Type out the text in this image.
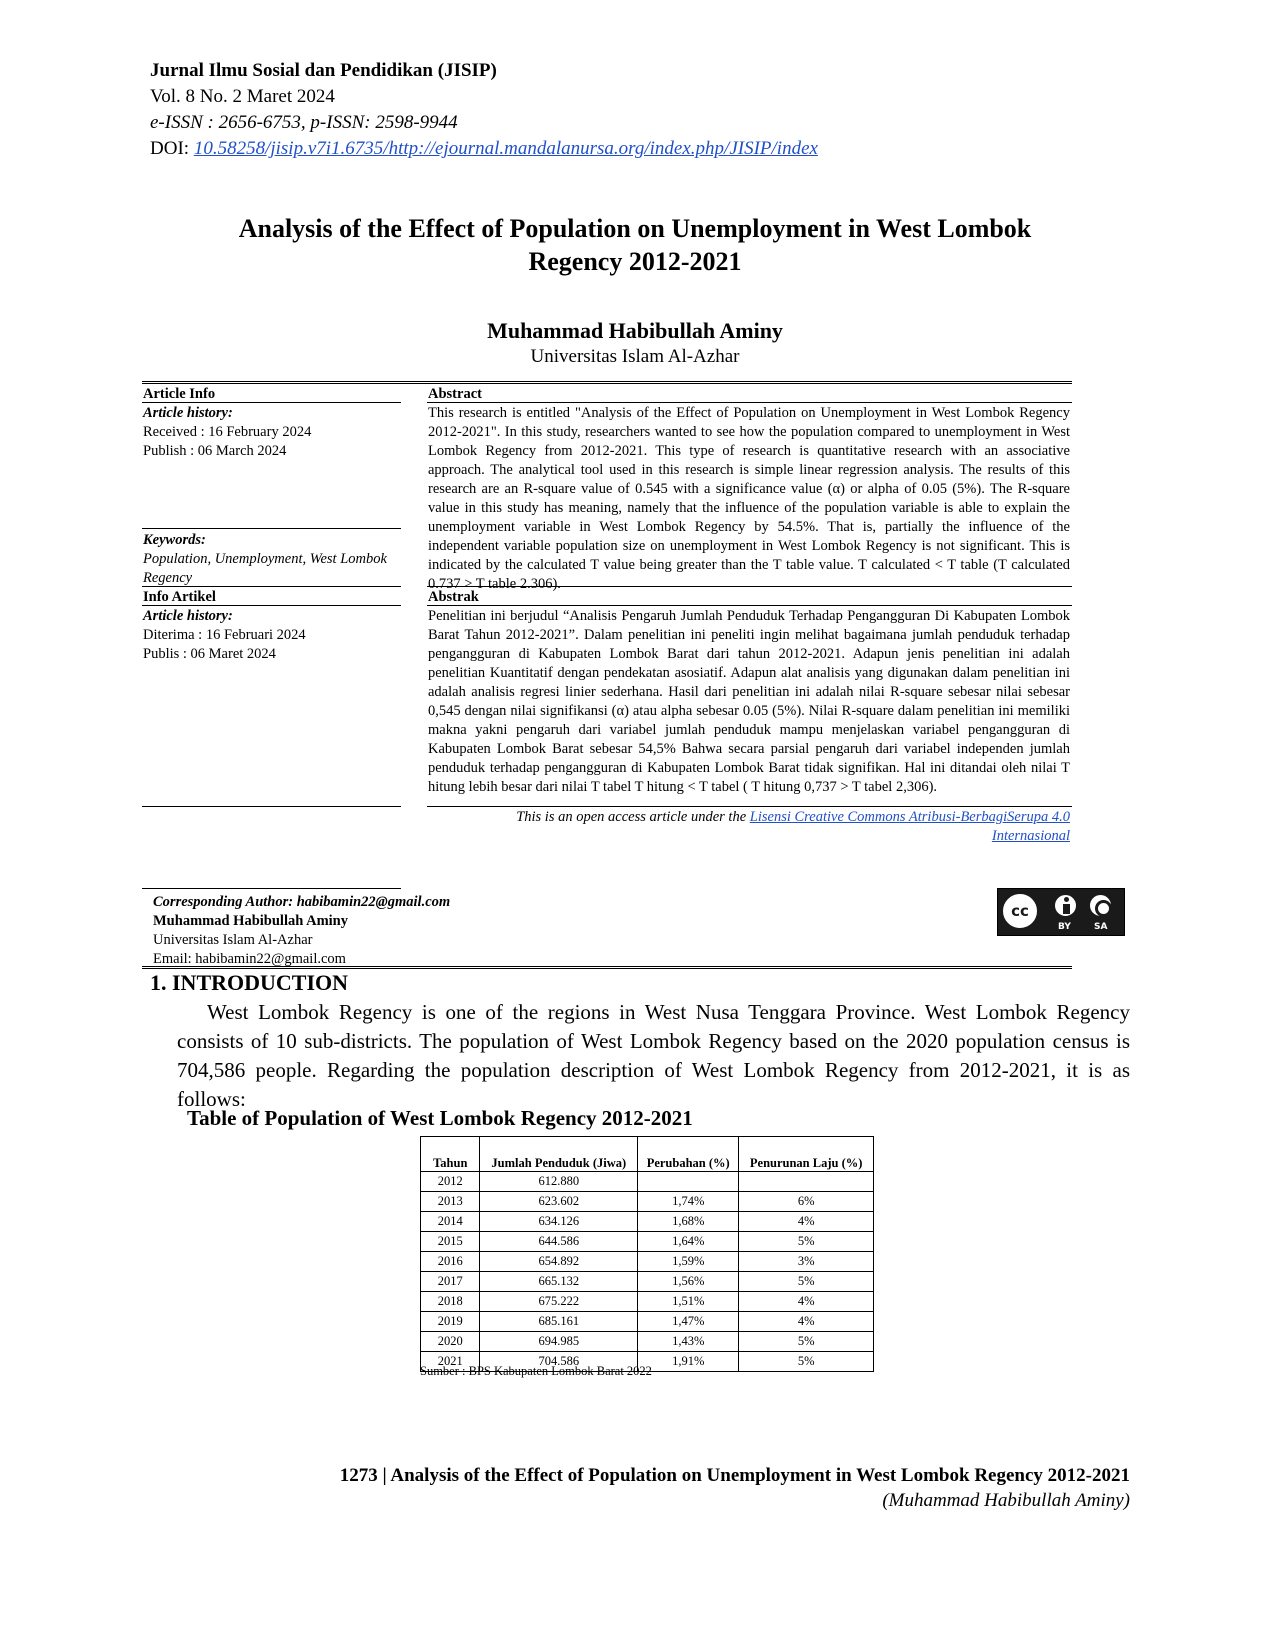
Jurnal Ilmu Sosial dan Pendidikan (JISIP)
Vol. 8 No. 2 Maret 2024
e-ISSN : 2656-6753, p-ISSN: 2598-9944
DOI: 10.58258/jisip.v7i1.6735/http://ejournal.mandalanursa.org/index.php/JISIP/index
Analysis of the Effect of Population on Unemployment in West Lombok
Regency 2012-2021
Muhammad Habibullah Aminy
Universitas Islam Al-Azhar
Article Info	Abstract
Article history:
Received : 16 February 2024
Publish : 06 March 2024
Keywords:
Population, Unemployment, West Lombok Regency
This research is entitled "Analysis of the Effect of Population on Unemployment in West Lombok Regency 2012-2021". In this study, researchers wanted to see how the population compared to unemployment in West Lombok Regency from 2012-2021. This type of research is quantitative research with an associative approach. The analytical tool used in this research is simple linear regression analysis. The results of this research are an R-square value of 0.545 with a significance value (α) or alpha of 0.05 (5%). The R-square value in this study has meaning, namely that the influence of the population variable is able to explain the unemployment variable in West Lombok Regency by 54.5%. That is, partially the influence of the independent variable population size on unemployment in West Lombok Regency is not significant. This is indicated by the calculated T value being greater than the T table value. T calculated < T table (T calculated 0.737 > T table 2.306).
Info Artikel	Abstrak
Article history:
Diterima : 16 Februari 2024
Publis : 06 Maret 2024
Penelitian ini berjudul “Analisis Pengaruh Jumlah Penduduk Terhadap Pengangguran Di Kabupaten Lombok Barat Tahun 2012-2021”. Dalam penelitian ini peneliti ingin melihat bagaimana jumlah penduduk terhadap pengangguran di Kabupaten Lombok Barat dari tahun 2012-2021. Adapun jenis penelitian ini adalah penelitian Kuantitatif dengan pendekatan asosiatif. Adapun alat analisis yang digunakan dalam penelitian ini adalah analisis regresi linier sederhana. Hasil dari penelitian ini adalah nilai R-square sebesar nilai sebesar 0,545 dengan nilai signifikansi (α) atau alpha sebesar 0.05 (5%). Nilai R-square dalam penelitian ini memiliki makna yakni pengaruh dari variabel jumlah penduduk mampu menjelaskan variabel pengangguran di Kabupaten Lombok Barat sebesar 54,5% Bahwa secara parsial pengaruh dari variabel independen jumlah penduduk terhadap pengangguran di Kabupaten Lombok Barat tidak signifikan. Hal ini ditandai oleh nilai T hitung lebih besar dari nilai T tabel T hitung < T tabel ( T hitung 0,737 > T tabel 2,306).
This is an open access article under the Lisensi Creative Commons Atribusi-BerbagiSerupa 4.0
Internasional
cc
BY	SA
Corresponding Author: habibamin22@gmail.com
Muhammad Habibullah Aminy
Universitas Islam Al-Azhar
Email: habibamin22@gmail.com
1. INTRODUCTION
West Lombok Regency is one of the regions in West Nusa Tenggara Province. West Lombok Regency consists of 10 sub-districts. The population of West Lombok Regency based on the 2020 population census is 704,586 people. Regarding the population description of West Lombok Regency from 2012-2021, it is as follows:
Table of Population of West Lombok Regency 2012-2021
Tahun	Jumlah Penduduk (Jiwa)	Perubahan (%)	Penurunan Laju (%)
2012	612.880		
2013	623.602	1,74%	6%
2014	634.126	1,68%	4%
2015	644.586	1,64%	5%
2016	654.892	1,59%	3%
2017	665.132	1,56%	5%
2018	675.222	1,51%	4%
2019	685.161	1,47%	4%
2020	694.985	1,43%	5%
2021	704.586	1,91%	5%
Sumber : BPS Kabupaten Lombok Barat 2022
1273 | Analysis of the Effect of Population on Unemployment in West Lombok Regency 2012-2021
(Muhammad Habibullah Aminy)
